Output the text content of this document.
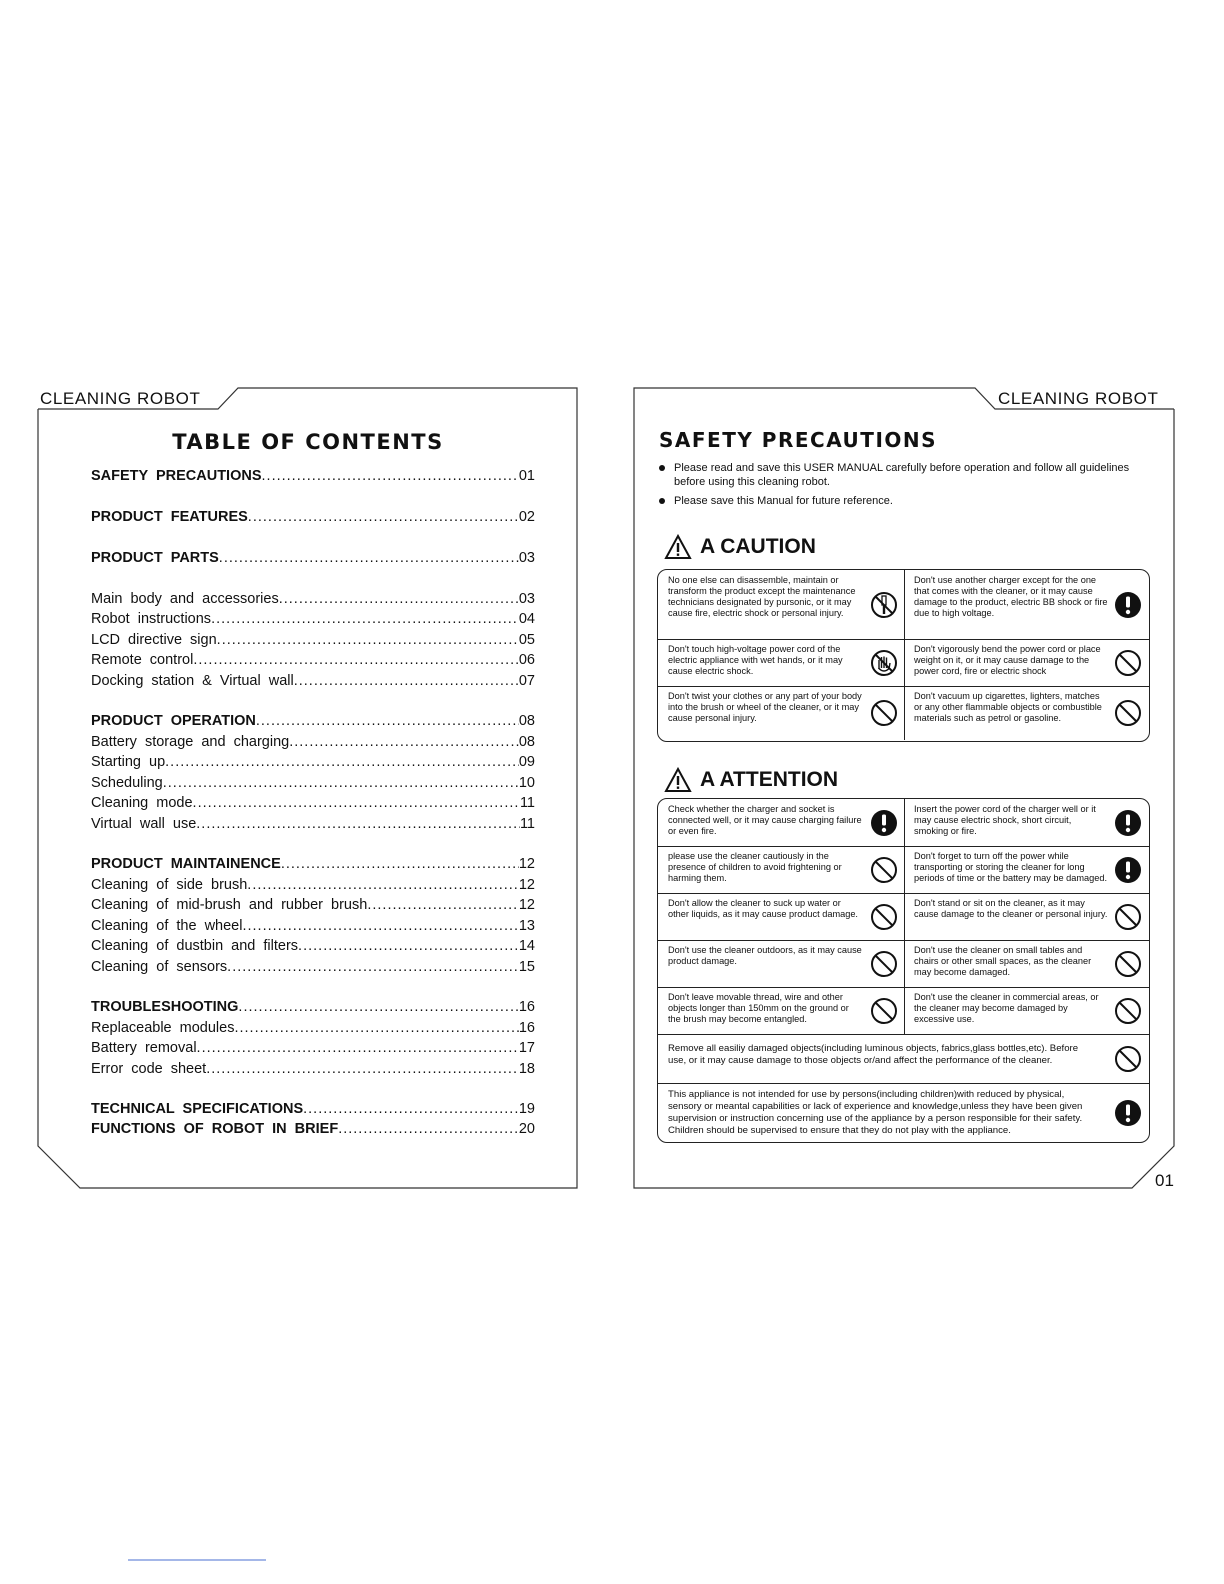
CLEANING ROBOT	CLEANING ROBOT
01
TABLE OF CONTENTS
SAFETY PRECAUTIONS .....	01
PRODUCT FEATURES .....	02
PRODUCT PARTS .....	03
Main body and accessories .....	03
Robot instructions .....	04
LCD directive sign .....	05
Remote control .....	06
Docking station & Virtual wall .....	07
PRODUCT OPERATION .....	08
Battery storage and charging .....	08
Starting up .....	09
Scheduling .....	10
Cleaning mode .....	11
Virtual wall use .....	11
PRODUCT MAINTAINENCE .....	12
Cleaning of side brush .....	12
Cleaning of mid-brush and rubber brush .....	12
Cleaning of the wheel .....	13
Cleaning of dustbin and filters .....	14
Cleaning of sensors .....	15
TROUBLESHOOTING .....	16
Replaceable modules .....	16
Battery removal .....	17
Error code sheet .....	18
TECHNICAL SPECIFICATIONS .....	19
FUNCTIONS OF ROBOT IN BRIEF .....	20
SAFETY PRECAUTIONS
Please read and save this USER MANUAL carefully before operation and follow all guidelines before using this cleaning robot.
Please save this Manual for future reference.
A CAUTION
No one else can disassemble, maintain or transform the product except the maintenance technicians designated by pursonic, or it may cause fire, electric shock or personal injury.
Don't use another charger except for the one that comes with the cleaner, or it may cause damage to the product, electric BB shock or fire due to high voltage.
Don't touch high-voltage power cord of the electric appliance with wet hands, or it may cause electric shock.
Don't vigorously bend the power cord or place weight on it, or it may cause damage to the power cord, fire or electric shock
Don't twist your clothes or any part of your body into the brush or wheel of the cleaner, or it may cause personal injury.
Don't vacuum up cigarettes, lighters, matches or any other flammable objects or combustible materials such as petrol or gasoline.
A ATTENTION
Check whether the charger and socket is connected well, or it may cause charging failure or even fire.
Insert the power cord of the charger well or it may cause electric shock, short circuit, smoking or fire.
please use the cleaner cautiously in the presence of children to avoid frightening or harming them.
Don't forget to turn off the power while transporting or storing the cleaner for long periods of time or the battery may be damaged.
Don't allow the cleaner to suck up water or other liquids, as it may cause product damage.
Don't stand or sit on the cleaner, as it may cause damage to the cleaner or personal injury.
Don't use the cleaner outdoors, as it may cause product damage.
Don't use the cleaner on small tables and chairs or other small spaces, as the cleaner may become damaged.
Don't leave movable thread, wire and other objects longer than 150mm on the ground or the brush may become entangled.
Don't use the cleaner in commercial areas, or the cleaner may become damaged by excessive use.
Remove all easiliy damaged objects(including luminous objects, fabrics,glass bottles,etc). Before use, or it may cause damage to those objects or/and affect the performance of the cleaner.
This appliance is not intended for use by persons(including children)with reduced by physical, sensory or meantal capabilities or lack of experience and knowledge,unless they have been given supervision or instruction concerning use of the appliance by a person responsible for their safety. Children should be supervised to ensure that they do not play with the appliance.
